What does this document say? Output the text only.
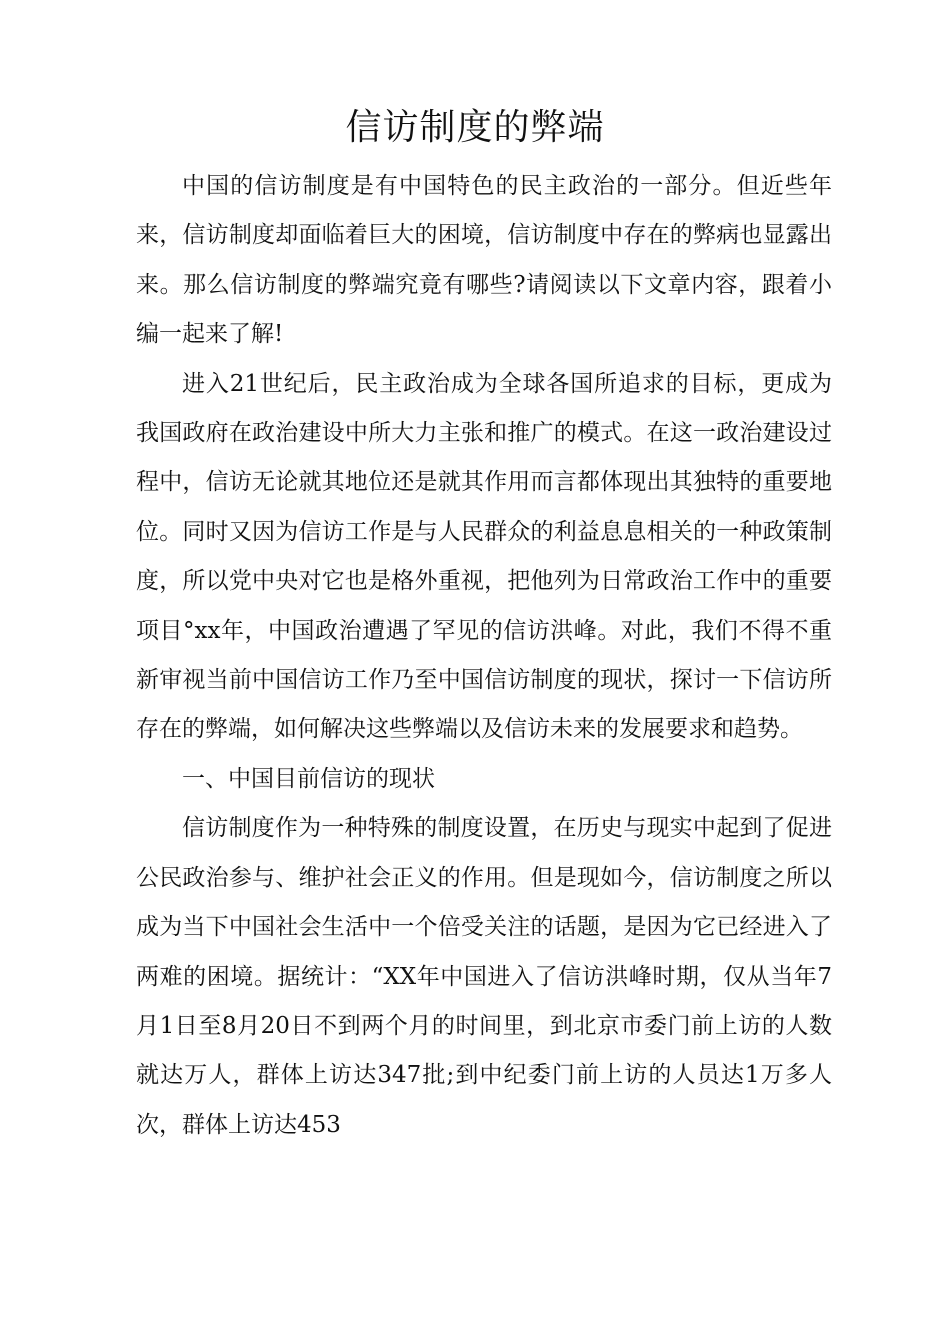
信访制度的弊端

中国的信访制度是有中国特色的民主政治的一部分。但近些年来，信访制度却面临着巨大的困境，信访制度中存在的弊病也显露出来。那么信访制度的弊端究竟有哪些?请阅读以下文章内容，跟着小编一起来了解!

进入21世纪后，民主政治成为全球各国所追求的目标，更成为我国政府在政治建设中所大力主张和推广的模式。在这一政治建设过程中，信访无论就其地位还是就其作用而言都体现出其独特的重要地位。同时又因为信访工作是与人民群众的利益息息相关的一种政策制度，所以党中央对它也是格外重视，把他列为日常政治工作中的重要项目°xx年，中国政治遭遇了罕见的信访洪峰。对此，我们不得不重新审视当前中国信访工作乃至中国信访制度的现状，探讨一下信访所存在的弊端，如何解决这些弊端以及信访未来的发展要求和趋势。

一、中国目前信访的现状

信访制度作为一种特殊的制度设置，在历史与现实中起到了促进公民政治参与、维护社会正义的作用。但是现如今，信访制度之所以成为当下中国社会生活中一个倍受关注的话题，是因为它已经进入了两难的困境。据统计：“XX年中国进入了信访洪峰时期，仅从当年7月1日至8月20日不到两个月的时间里，到北京市委门前上访的人数就达万人，群体上访达347批;到中纪委门前上访的人员达1万多人次，群体上访达453
